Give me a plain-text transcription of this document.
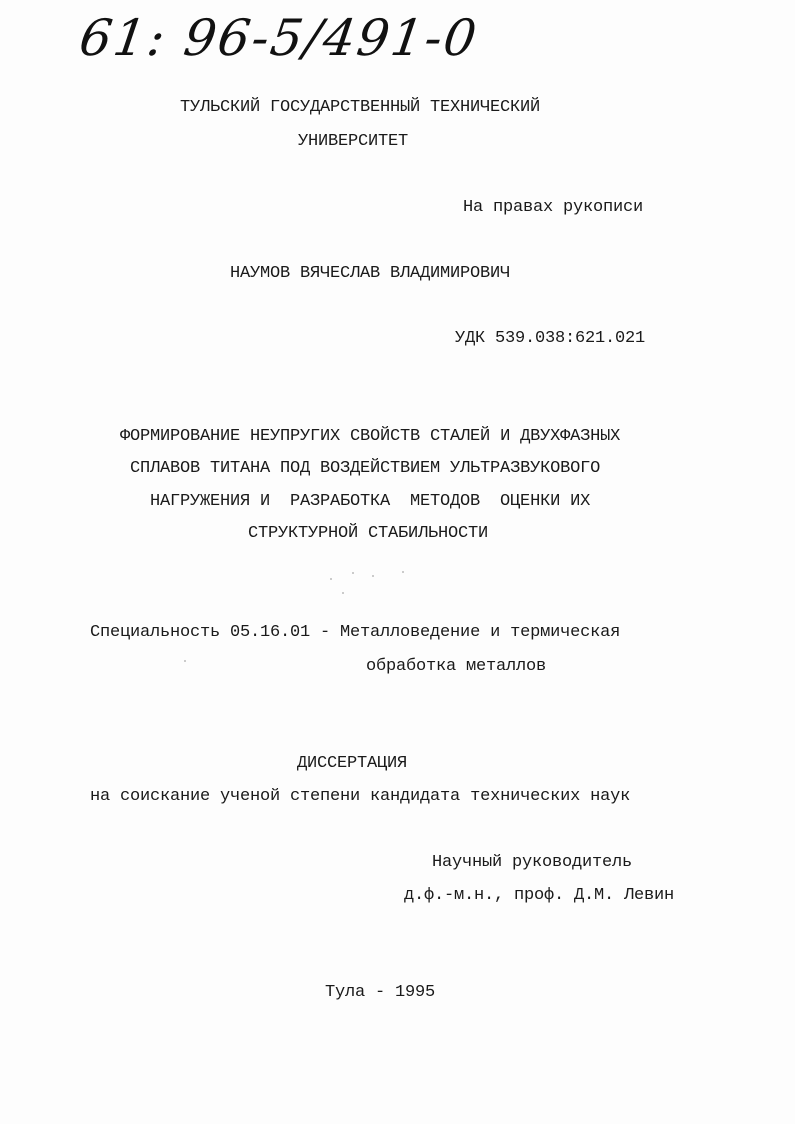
61: 96-5/491-0
ТУЛЬСКИЙ ГОСУДАРСТВЕННЫЙ ТЕХНИЧЕСКИЙ
УНИВЕРСИТЕТ
На правах рукописи
НАУМОВ ВЯЧЕСЛАВ ВЛАДИМИРОВИЧ
УДК 539.038:621.021
ФОРМИРОВАНИЕ НЕУПРУГИХ СВОЙСТВ СТАЛЕЙ И ДВУХФАЗНЫХ
СПЛАВОВ ТИТАНА ПОД ВОЗДЕЙСТВИЕМ УЛЬТРАЗВУКОВОГО
НАГРУЖЕНИЯ И  РАЗРАБОТКА  МЕТОДОВ  ОЦЕНКИ ИХ
СТРУКТУРНОЙ СТАБИЛЬНОСТИ
Специальность 05.16.01 - Металловедение и термическая
обработка металлов
ДИССЕРТАЦИЯ
на соискание ученой степени кандидата технических наук
Научный руководитель
д.ф.-м.н., проф. Д.М. Левин
Тула - 1995
